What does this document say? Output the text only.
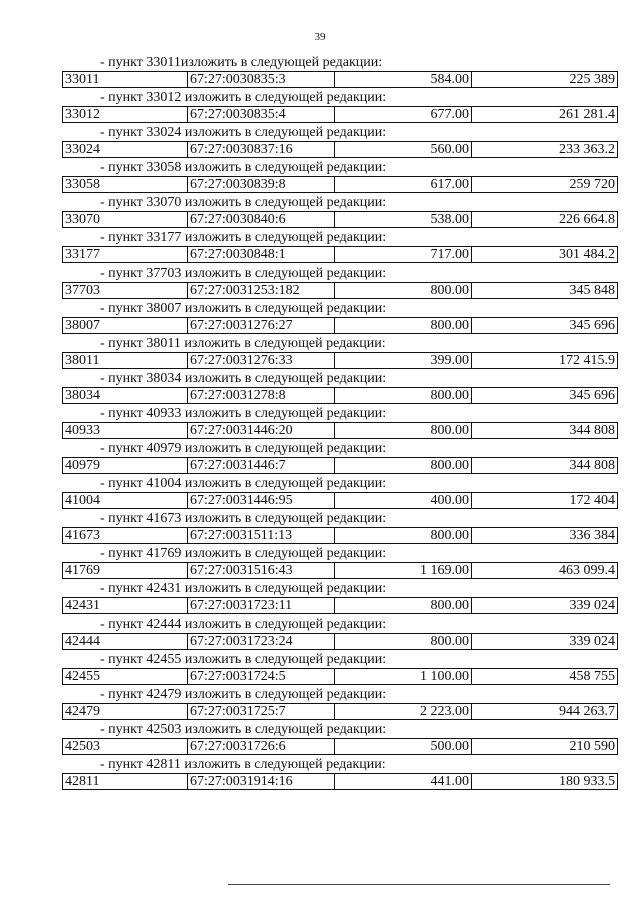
39
- пункт 33011изложить в следующей редакции:
33011	67:27:0030835:3	584.00	225 389
- пункт 33012 изложить в следующей редакции:
33012	67:27:0030835:4	677.00	261 281.4
- пункт 33024 изложить в следующей редакции:
33024	67:27:0030837:16	560.00	233 363.2
- пункт 33058 изложить в следующей редакции:
33058	67:27:0030839:8	617.00	259 720
- пункт 33070 изложить в следующей редакции:
33070	67:27:0030840:6	538.00	226 664.8
- пункт 33177 изложить в следующей редакции:
33177	67:27:0030848:1	717.00	301 484.2
- пункт 37703 изложить в следующей редакции:
37703	67:27:0031253:182	800.00	345 848
- пункт 38007 изложить в следующей редакции:
38007	67:27:0031276:27	800.00	345 696
- пункт 38011 изложить в следующей редакции:
38011	67:27:0031276:33	399.00	172 415.9
- пункт 38034 изложить в следующей редакции:
38034	67:27:0031278:8	800.00	345 696
- пункт 40933 изложить в следующей редакции:
40933	67:27:0031446:20	800.00	344 808
- пункт 40979 изложить в следующей редакции:
40979	67:27:0031446:7	800.00	344 808
- пункт 41004 изложить в следующей редакции:
41004	67:27:0031446:95	400.00	172 404
- пункт 41673 изложить в следующей редакции:
41673	67:27:0031511:13	800.00	336 384
- пункт 41769 изложить в следующей редакции:
41769	67:27:0031516:43	1 169.00	463 099.4
- пункт 42431 изложить в следующей редакции:
42431	67:27:0031723:11	800.00	339 024
- пункт 42444 изложить в следующей редакции:
42444	67:27:0031723:24	800.00	339 024
- пункт 42455 изложить в следующей редакции:
42455	67:27:0031724:5	1 100.00	458 755
- пункт 42479 изложить в следующей редакции:
42479	67:27:0031725:7	2 223.00	944 263.7
- пункт 42503 изложить в следующей редакции:
42503	67:27:0031726:6	500.00	210 590
- пункт 42811 изложить в следующей редакции:
42811	67:27:0031914:16	441.00	180 933.5
